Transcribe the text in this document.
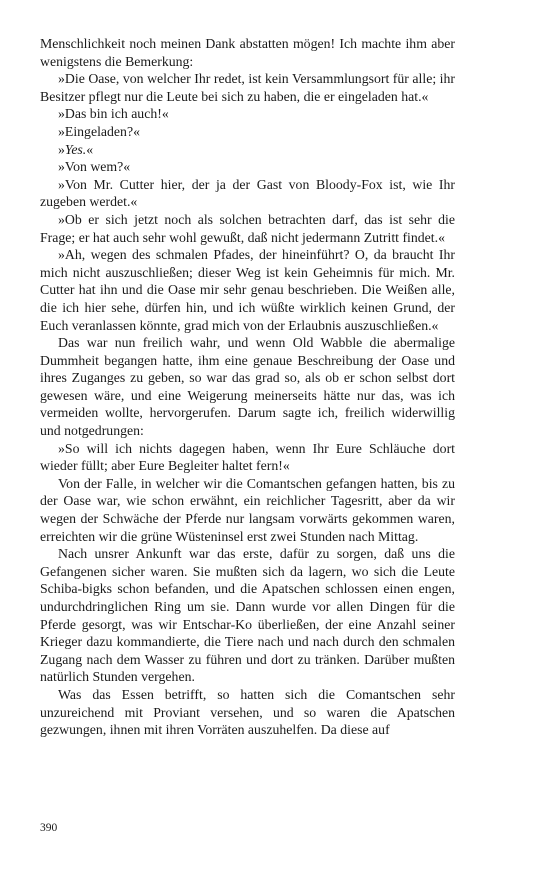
Menschlichkeit noch meinen Dank abstatten mögen! Ich machte ihm aber wenigstens die Bemerkung:

»Die Oase, von welcher Ihr redet, ist kein Versammlungsort für alle; ihr Besitzer pflegt nur die Leute bei sich zu haben, die er eingeladen hat.«

»Das bin ich auch!«

»Eingeladen?«

»Yes.«

»Von wem?«

»Von Mr. Cutter hier, der ja der Gast von Bloody-Fox ist, wie Ihr zugeben werdet.«

»Ob er sich jetzt noch als solchen betrachten darf, das ist sehr die Frage; er hat auch sehr wohl gewußt, daß nicht jedermann Zutritt findet.«

»Ah, wegen des schmalen Pfades, der hineinführt? O, da braucht Ihr mich nicht auszuschließen; dieser Weg ist kein Geheimnis für mich. Mr. Cutter hat ihn und die Oase mir sehr genau beschrieben. Die Weißen alle, die ich hier sehe, dürfen hin, und ich wüßte wirklich keinen Grund, der Euch veranlassen könnte, grad mich von der Erlaubnis auszuschließen.«

Das war nun freilich wahr, und wenn Old Wabble die abermalige Dummheit begangen hatte, ihm eine genaue Beschreibung der Oase und ihres Zuganges zu geben, so war das grad so, als ob er schon selbst dort gewesen wäre, und eine Weigerung meinerseits hätte nur das, was ich vermeiden wollte, hervorgerufen. Darum sagte ich, freilich widerwillig und notgedrungen:

»So will ich nichts dagegen haben, wenn Ihr Eure Schläuche dort wieder füllt; aber Eure Begleiter haltet fern!«

Von der Falle, in welcher wir die Comantschen gefangen hatten, bis zu der Oase war, wie schon erwähnt, ein reichlicher Tagesritt, aber da wir wegen der Schwäche der Pferde nur langsam vorwärts gekommen waren, erreichten wir die grüne Wüsteninsel erst zwei Stunden nach Mittag.

Nach unsrer Ankunft war das erste, dafür zu sorgen, daß uns die Gefangenen sicher waren. Sie mußten sich da lagern, wo sich die Leute Schiba-bigks schon befanden, und die Apatschen schlossen einen engen, undurchdringlichen Ring um sie. Dann wurde vor allen Dingen für die Pferde gesorgt, was wir Entschar-Ko überließen, der eine Anzahl seiner Krieger dazu kommandierte, die Tiere nach und nach durch den schmalen Zugang nach dem Wasser zu führen und dort zu tränken. Darüber mußten natürlich Stunden vergehen.

Was das Essen betrifft, so hatten sich die Comantschen sehr unzureichend mit Proviant versehen, und so waren die Apatschen gezwungen, ihnen mit ihren Vorräten auszuhelfen. Da diese auf

390
